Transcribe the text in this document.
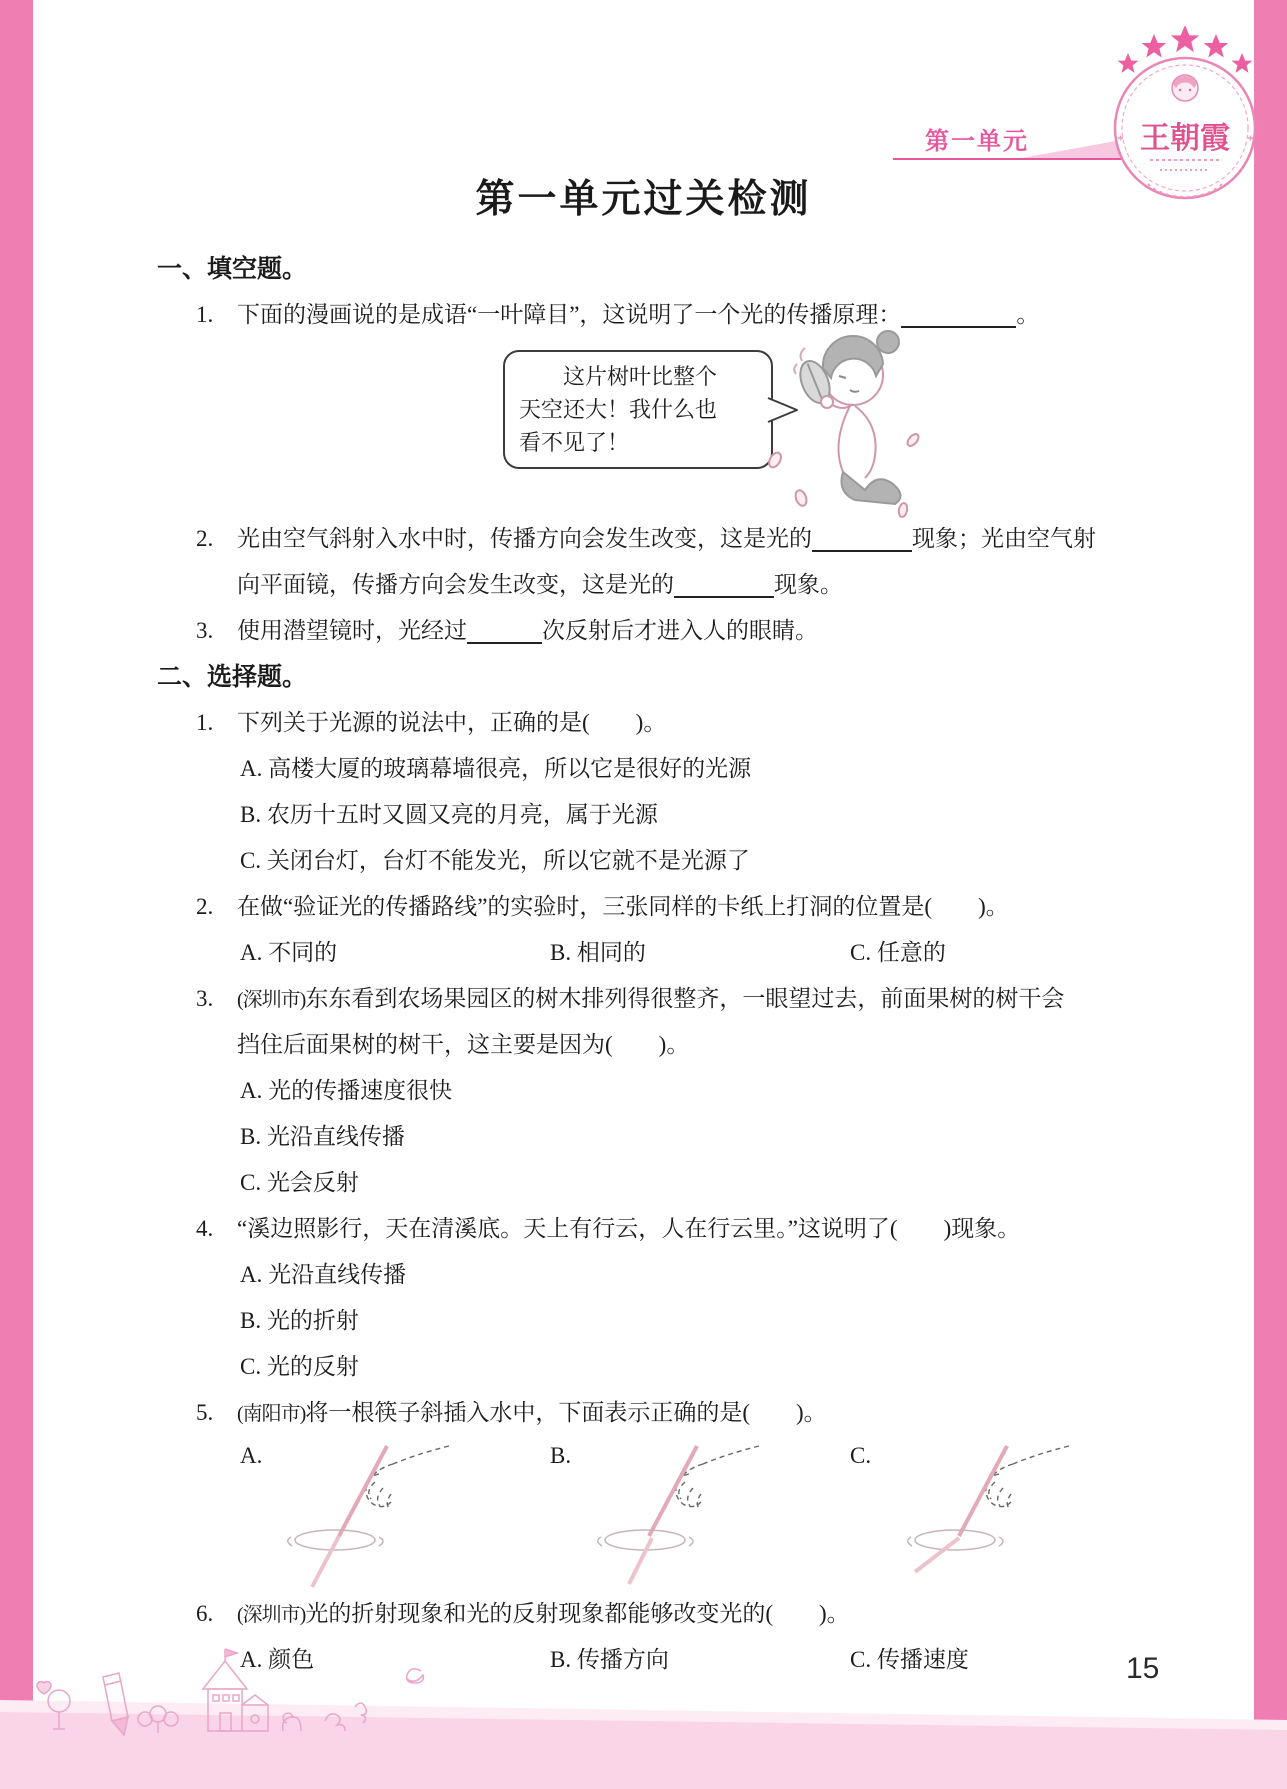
第一单元	王朝霞
第一单元过关检测
一、填空题。
1. 下面的漫画说的是成语“一叶障目”，这说明了一个光的传播原理：	。
这片树叶比整个
天空还大！我什么也
看不见了！
2. 光由空气斜射入水中时，传播方向会发生改变，这是光的	现象；光由空气射
向平面镜，传播方向会发生改变，这是光的	现象。
3. 使用潜望镜时，光经过	次反射后才进入人的眼睛。
二、选择题。
1. 下列关于光源的说法中，正确的是(　　)。
A. 高楼大厦的玻璃幕墙很亮，所以它是很好的光源
B. 农历十五时又圆又亮的月亮，属于光源
C. 关闭台灯，台灯不能发光，所以它就不是光源了
2. 在做“验证光的传播路线”的实验时，三张同样的卡纸上打洞的位置是(　　)。
A. 不同的	B. 相同的	C. 任意的
3. (深圳市)东东看到农场果园区的树木排列得很整齐，一眼望过去，前面果树的树干会
挡住后面果树的树干，这主要是因为(　　)。
A. 光的传播速度很快
B. 光沿直线传播
C. 光会反射
4. “溪边照影行，天在清溪底。天上有行云，人在行云里。”这说明了(　　)现象。
A. 光沿直线传播
B. 光的折射
C. 光的反射
5. (南阳市)将一根筷子斜插入水中，下面表示正确的是(　　)。
A.	B.	C.
6. (深圳市)光的折射现象和光的反射现象都能够改变光的(　　)。
A. 颜色	B. 传播方向	C. 传播速度	15
